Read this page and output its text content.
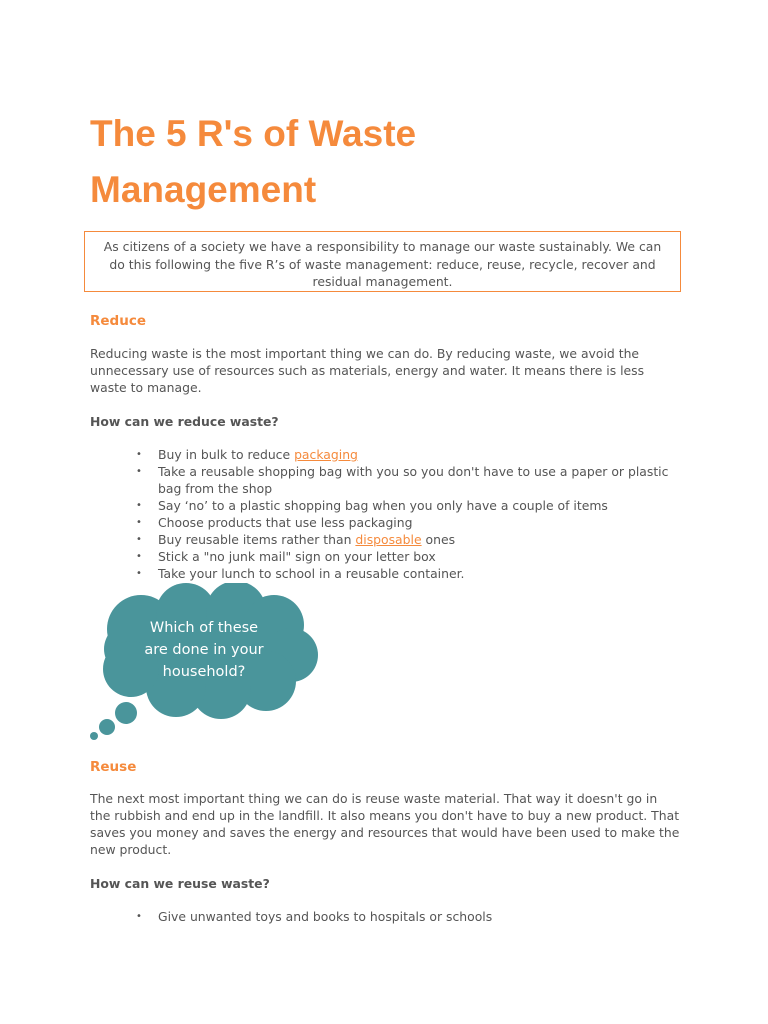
The 5 R's of Waste
Management
As citizens of a society we have a responsibility to manage our waste sustainably. We can do this following the five R’s of waste management: reduce, reuse, recycle, recover and residual management.
Reduce

Reducing waste is the most important thing we can do. By reducing waste, we avoid the unnecessary use of resources such as materials, energy and water. It means there is less waste to manage.

How can we reduce waste?

• Buy in bulk to reduce packaging
• Take a reusable shopping bag with you so you don't have to use a paper or plastic bag from the shop
• Say ‘no’ to a plastic shopping bag when you only have a couple of items
• Choose products that use less packaging
• Buy reusable items rather than disposable ones
• Stick a "no junk mail" sign on your letter box
• Take your lunch to school in a reusable container.
Which of these
are done in your
household?
Reuse

The next most important thing we can do is reuse waste material. That way it doesn't go in the rubbish and end up in the landfill. It also means you don't have to buy a new product. That saves you money and saves the energy and resources that would have been used to make the new product.

How can we reuse waste?

• Give unwanted toys and books to hospitals or schools
